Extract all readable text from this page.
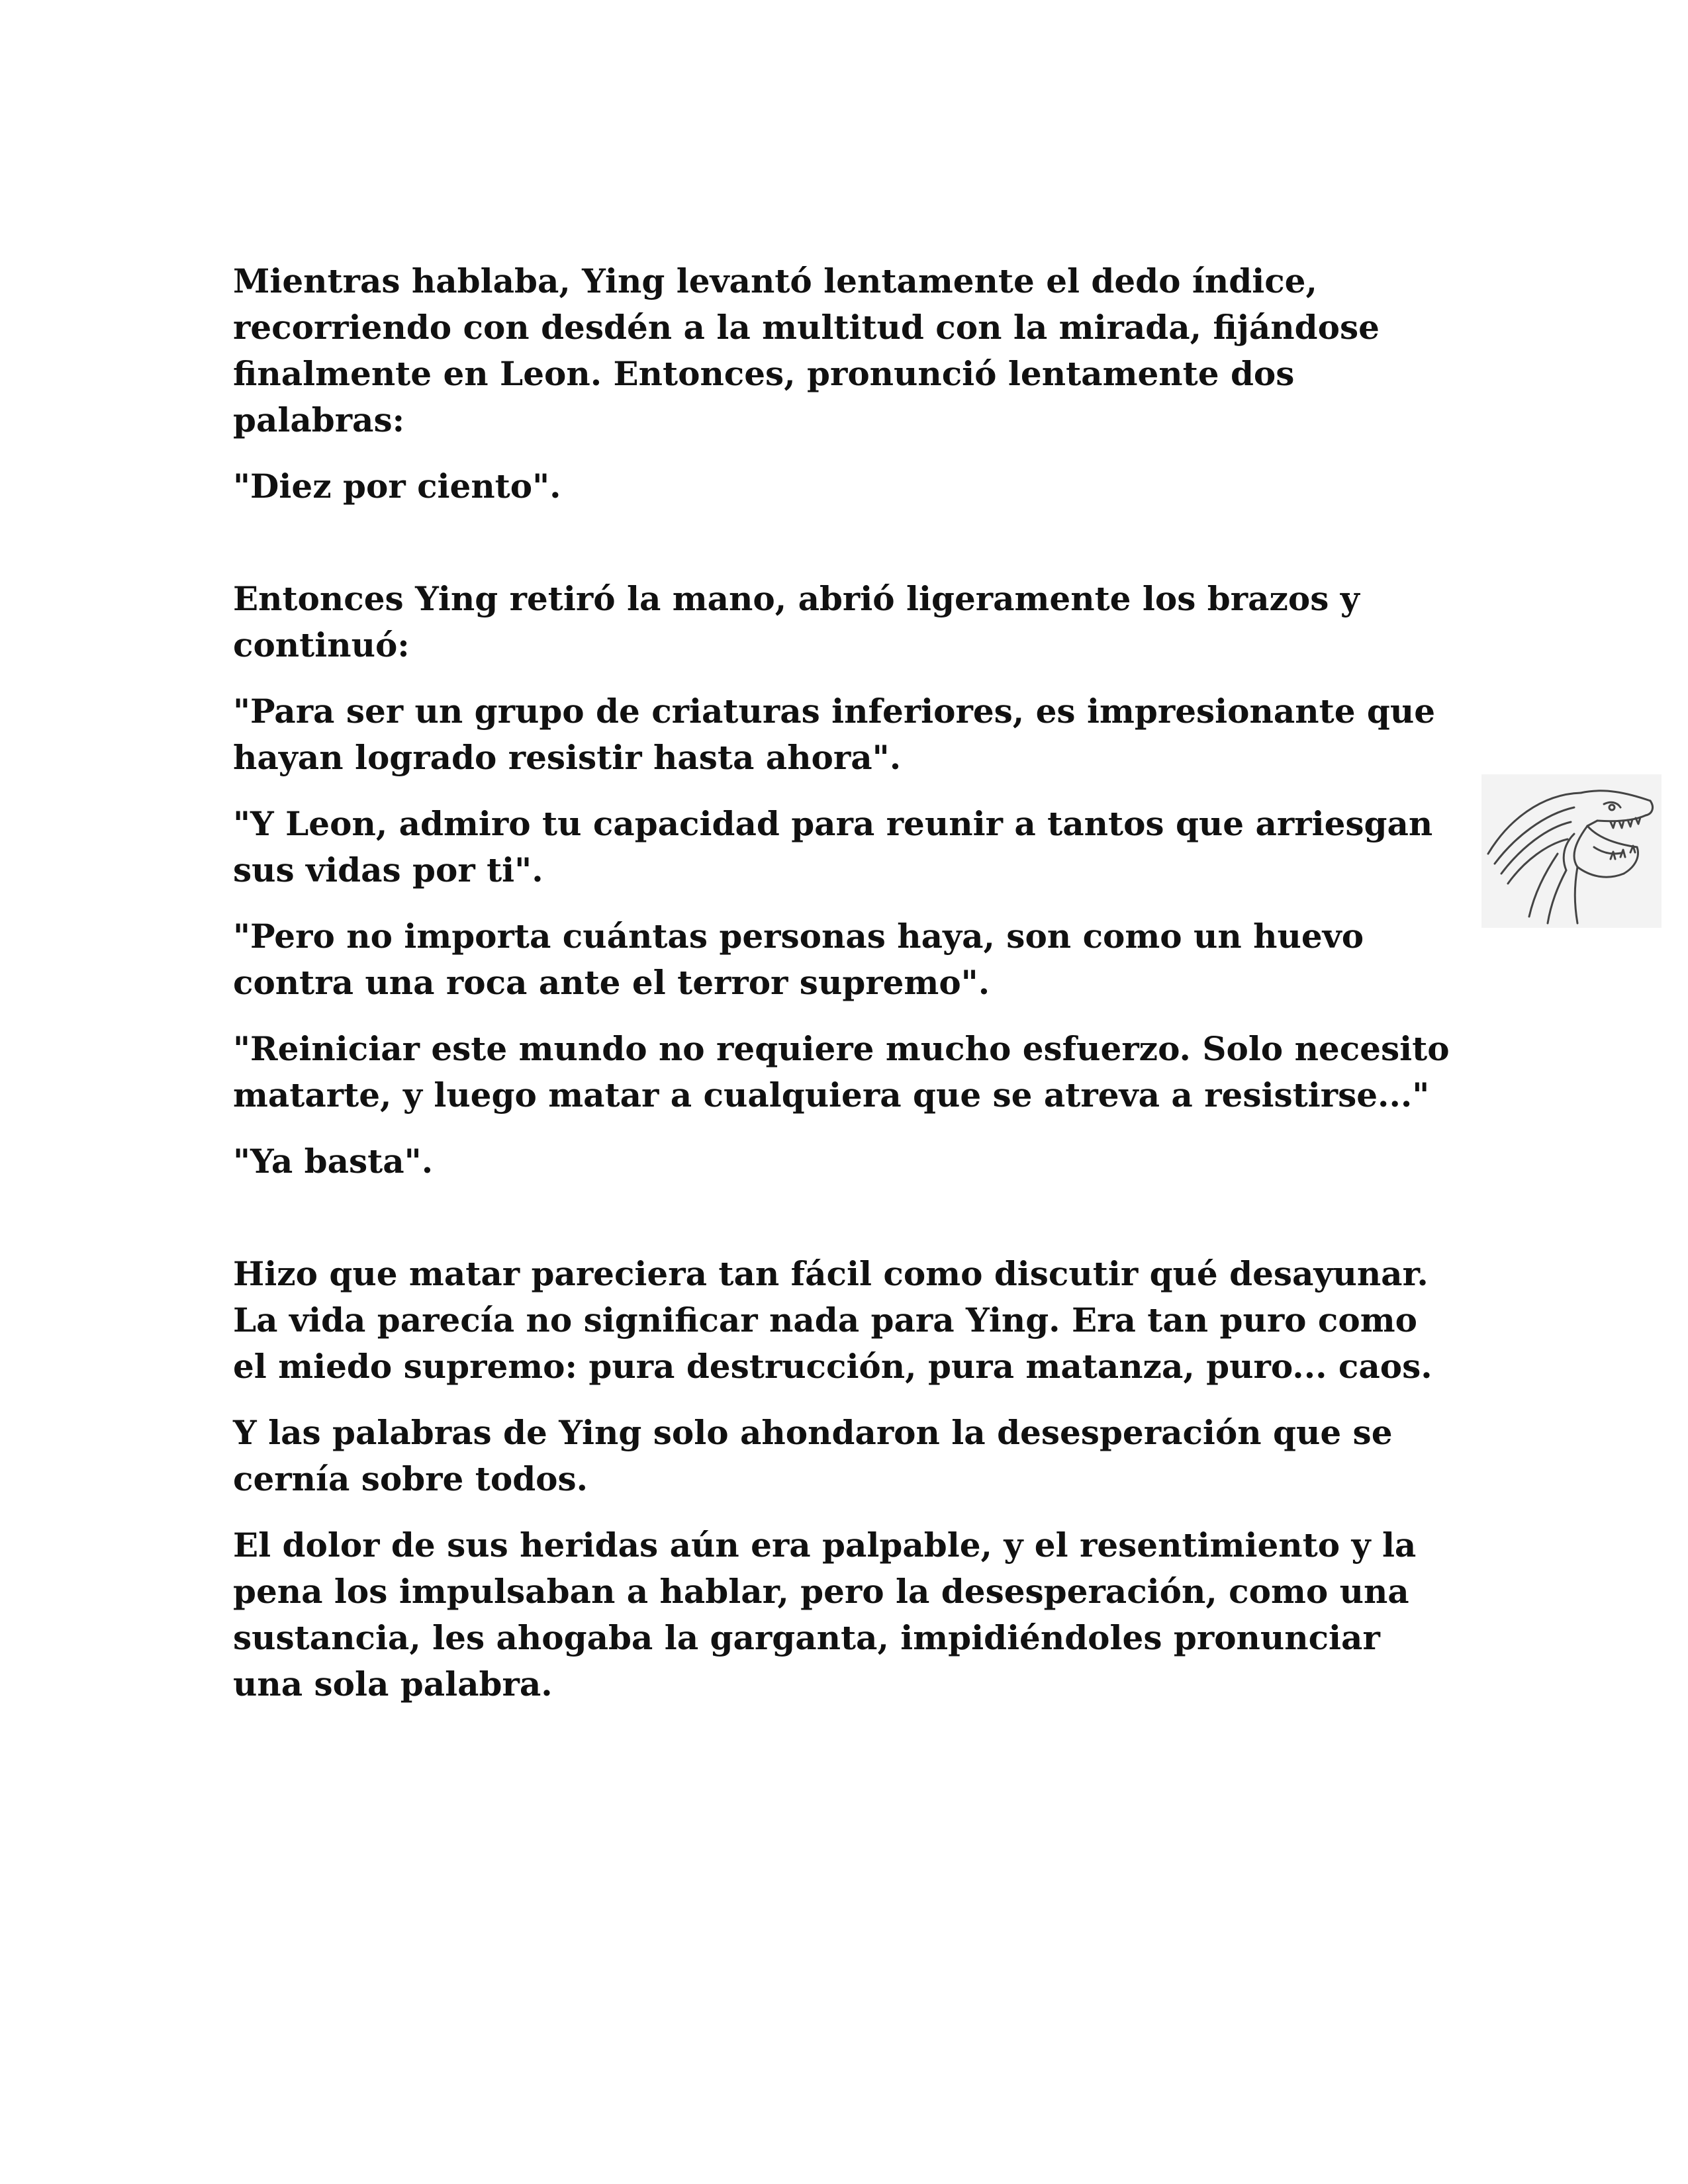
Mientras hablaba, Ying levantó lentamente el dedo índice, recorriendo con desdén a la multitud con la mirada, fijándose finalmente en Leon. Entonces, pronunció lentamente dos palabras:

"Diez por ciento".

Entonces Ying retiró la mano, abrió ligeramente los brazos y continuó:

"Para ser un grupo de criaturas inferiores, es impresionante que hayan logrado resistir hasta ahora".

"Y Leon, admiro tu capacidad para reunir a tantos que arriesgan sus vidas por ti".

"Pero no importa cuántas personas haya, son como un huevo contra una roca ante el terror supremo".

"Reiniciar este mundo no requiere mucho esfuerzo. Solo necesito matarte, y luego matar a cualquiera que se atreva a resistirse..."

"Ya basta".

Hizo que matar pareciera tan fácil como discutir qué desayunar. La vida parecía no significar nada para Ying. Era tan puro como el miedo supremo: pura destrucción, pura matanza, puro... caos.

Y las palabras de Ying solo ahondaron la desesperación que se cernía sobre todos.

El dolor de sus heridas aún era palpable, y el resentimiento y la pena los impulsaban a hablar, pero la desesperación, como una sustancia, les ahogaba la garganta, impidiéndoles pronunciar una sola palabra.
